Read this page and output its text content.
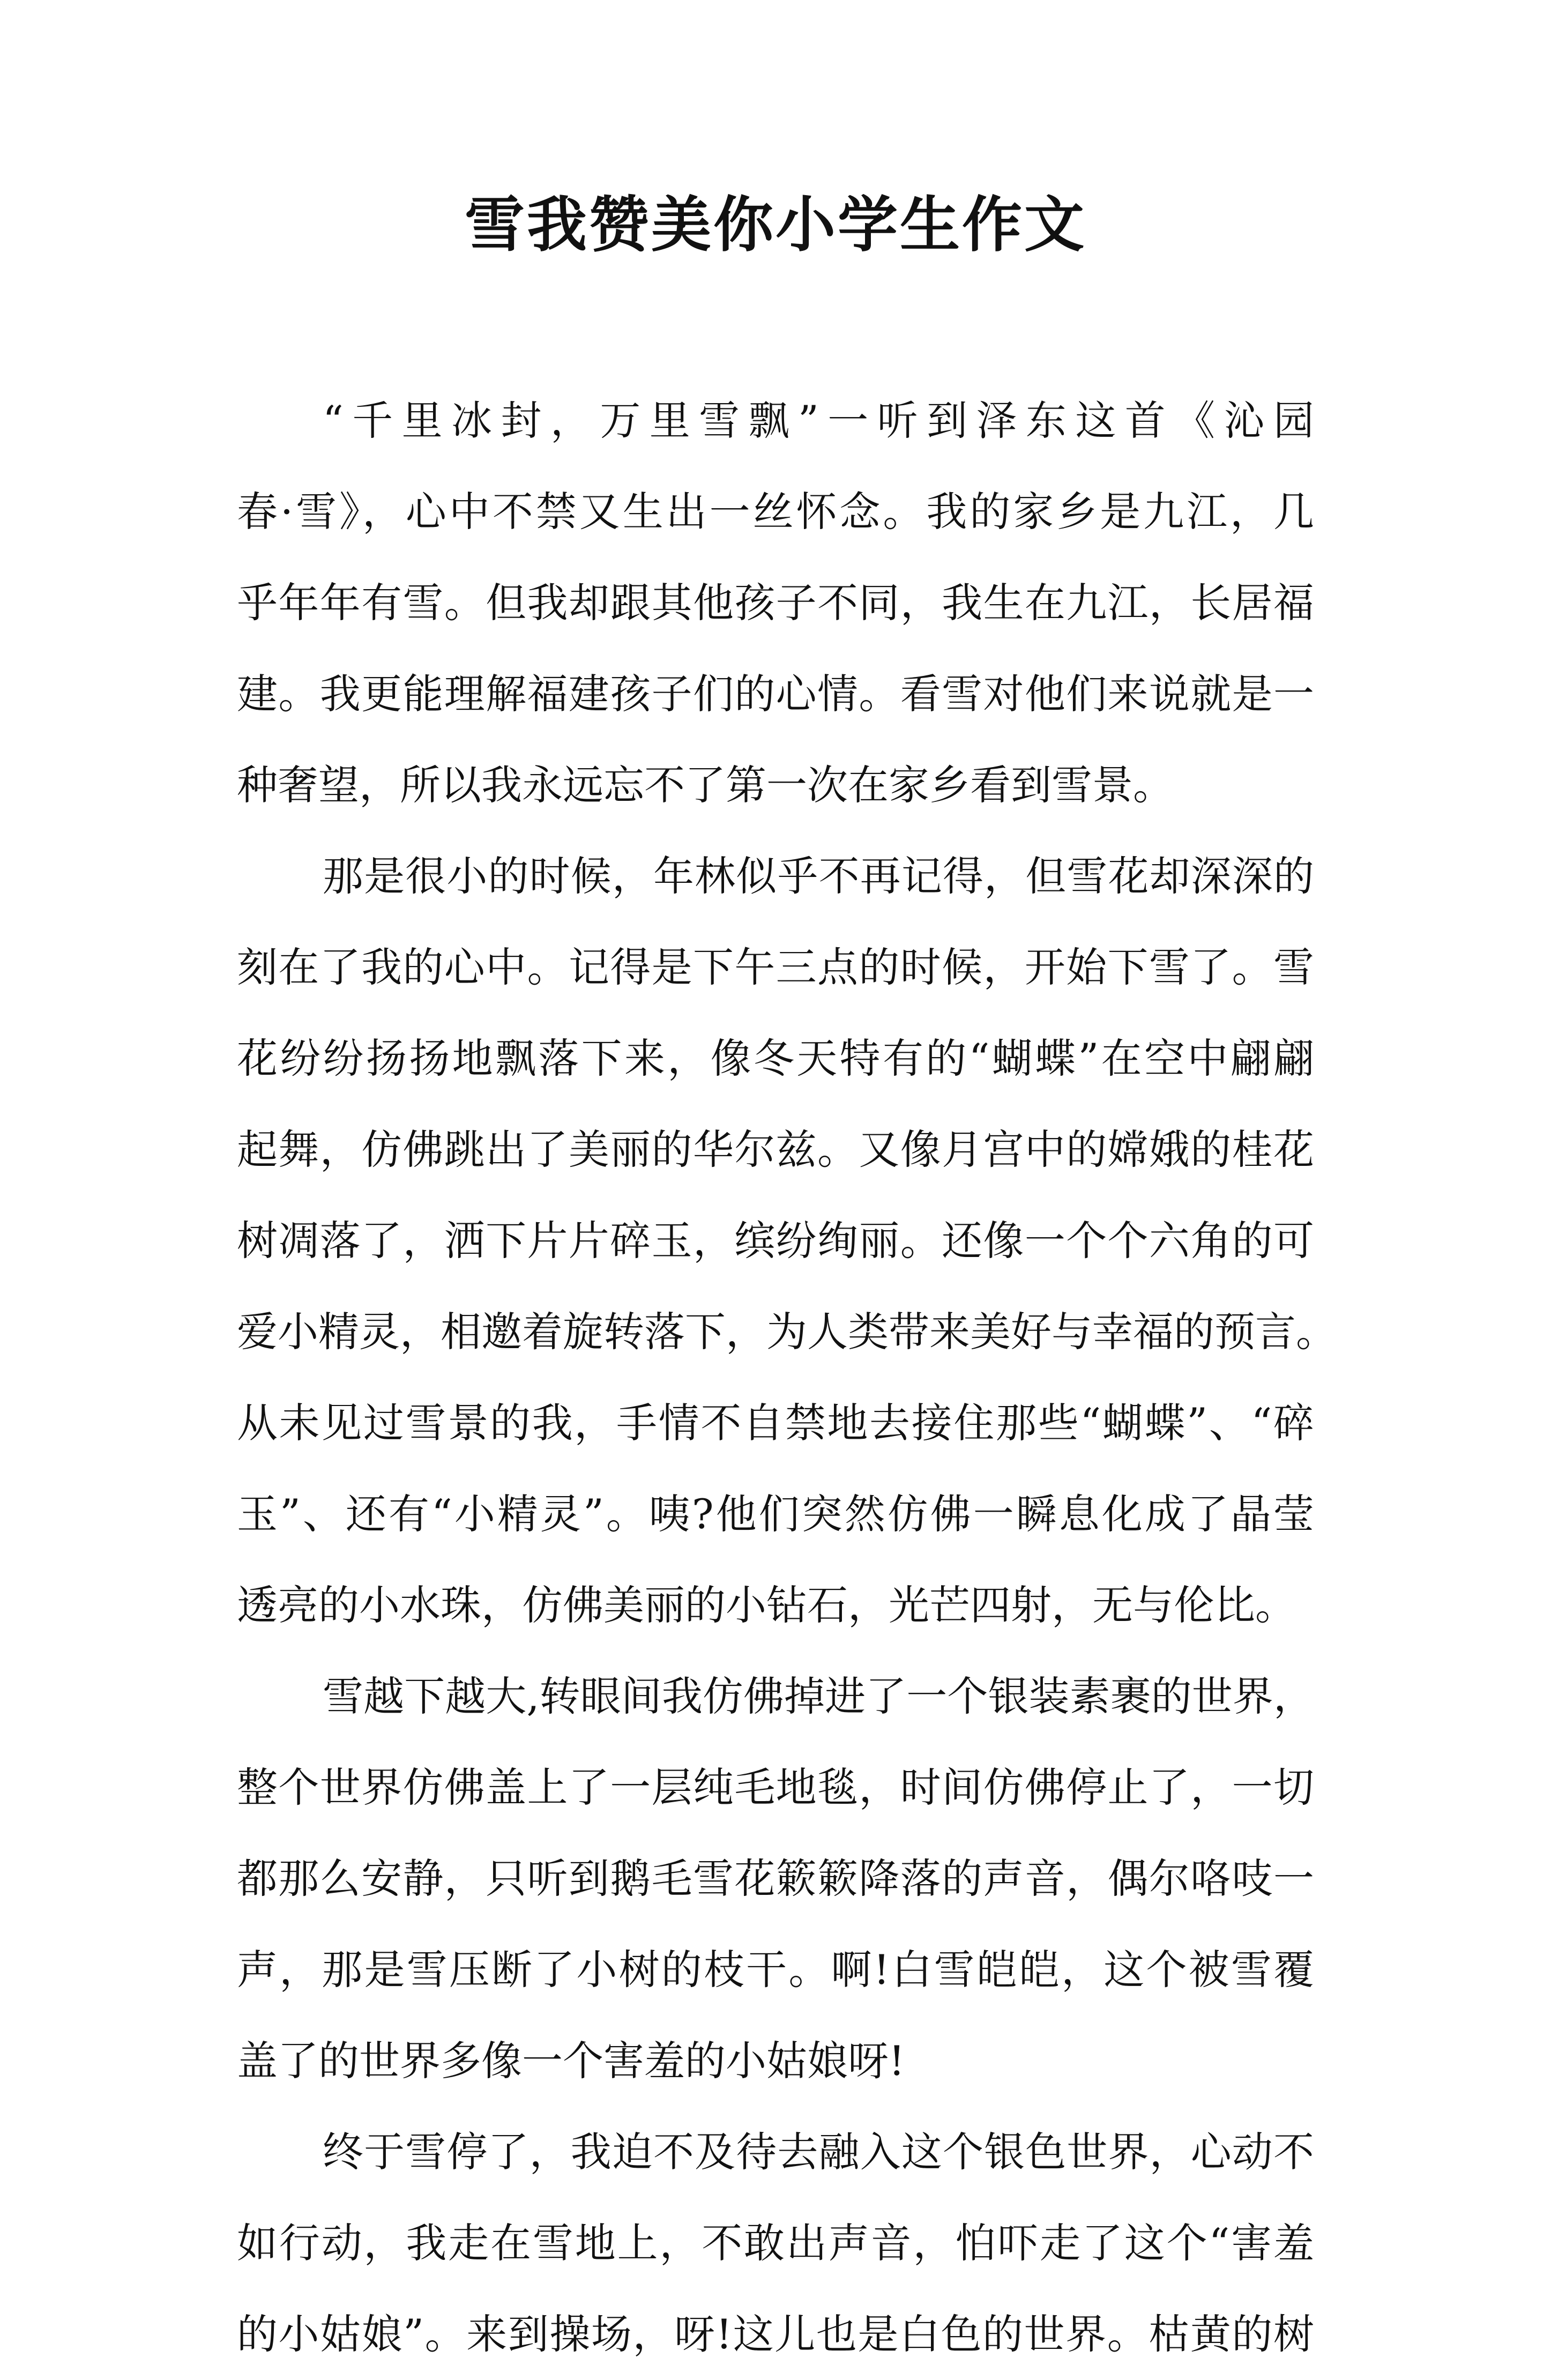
雪我赞美你小学生作文
“千里冰封，万里雪飘”一听到泽东这首《沁园
春·雪》，心中不禁又生出一丝怀念。我的家乡是九江，几
乎年年有雪。但我却跟其他孩子不同，我生在九江，长居福
建。我更能理解福建孩子们的心情。看雪对他们来说就是一
种奢望，所以我永远忘不了第一次在家乡看到雪景。
那是很小的时候，年林似乎不再记得，但雪花却深深的
刻在了我的心中。记得是下午三点的时候，开始下雪了。雪
花纷纷扬扬地飘落下来，像冬天特有的“蝴蝶”在空中翩翩
起舞，仿佛跳出了美丽的华尔兹。又像月宫中的嫦娥的桂花
树凋落了，洒下片片碎玉，缤纷绚丽。还像一个个六角的可
爱小精灵，相邀着旋转落下，为人类带来美好与幸福的预言。
从未见过雪景的我，手情不自禁地去接住那些“蝴蝶”、“碎
玉”、还有“小精灵”。咦?他们突然仿佛一瞬息化成了晶莹
透亮的小水珠，仿佛美丽的小钻石，光芒四射，无与伦比。
雪越下越大,转眼间我仿佛掉进了一个银装素裹的世界，
整个世界仿佛盖上了一层纯毛地毯，时间仿佛停止了，一切
都那么安静，只听到鹅毛雪花簌簌降落的声音，偶尔咯吱一
声，那是雪压断了小树的枝干。啊!白雪皑皑，这个被雪覆
盖了的世界多像一个害羞的小姑娘呀!
终于雪停了，我迫不及待去融入这个银色世界，心动不
如行动，我走在雪地上，不敢出声音，怕吓走了这个“害羞
的小姑娘”。来到操场，呀!这儿也是白色的世界。枯黄的树
